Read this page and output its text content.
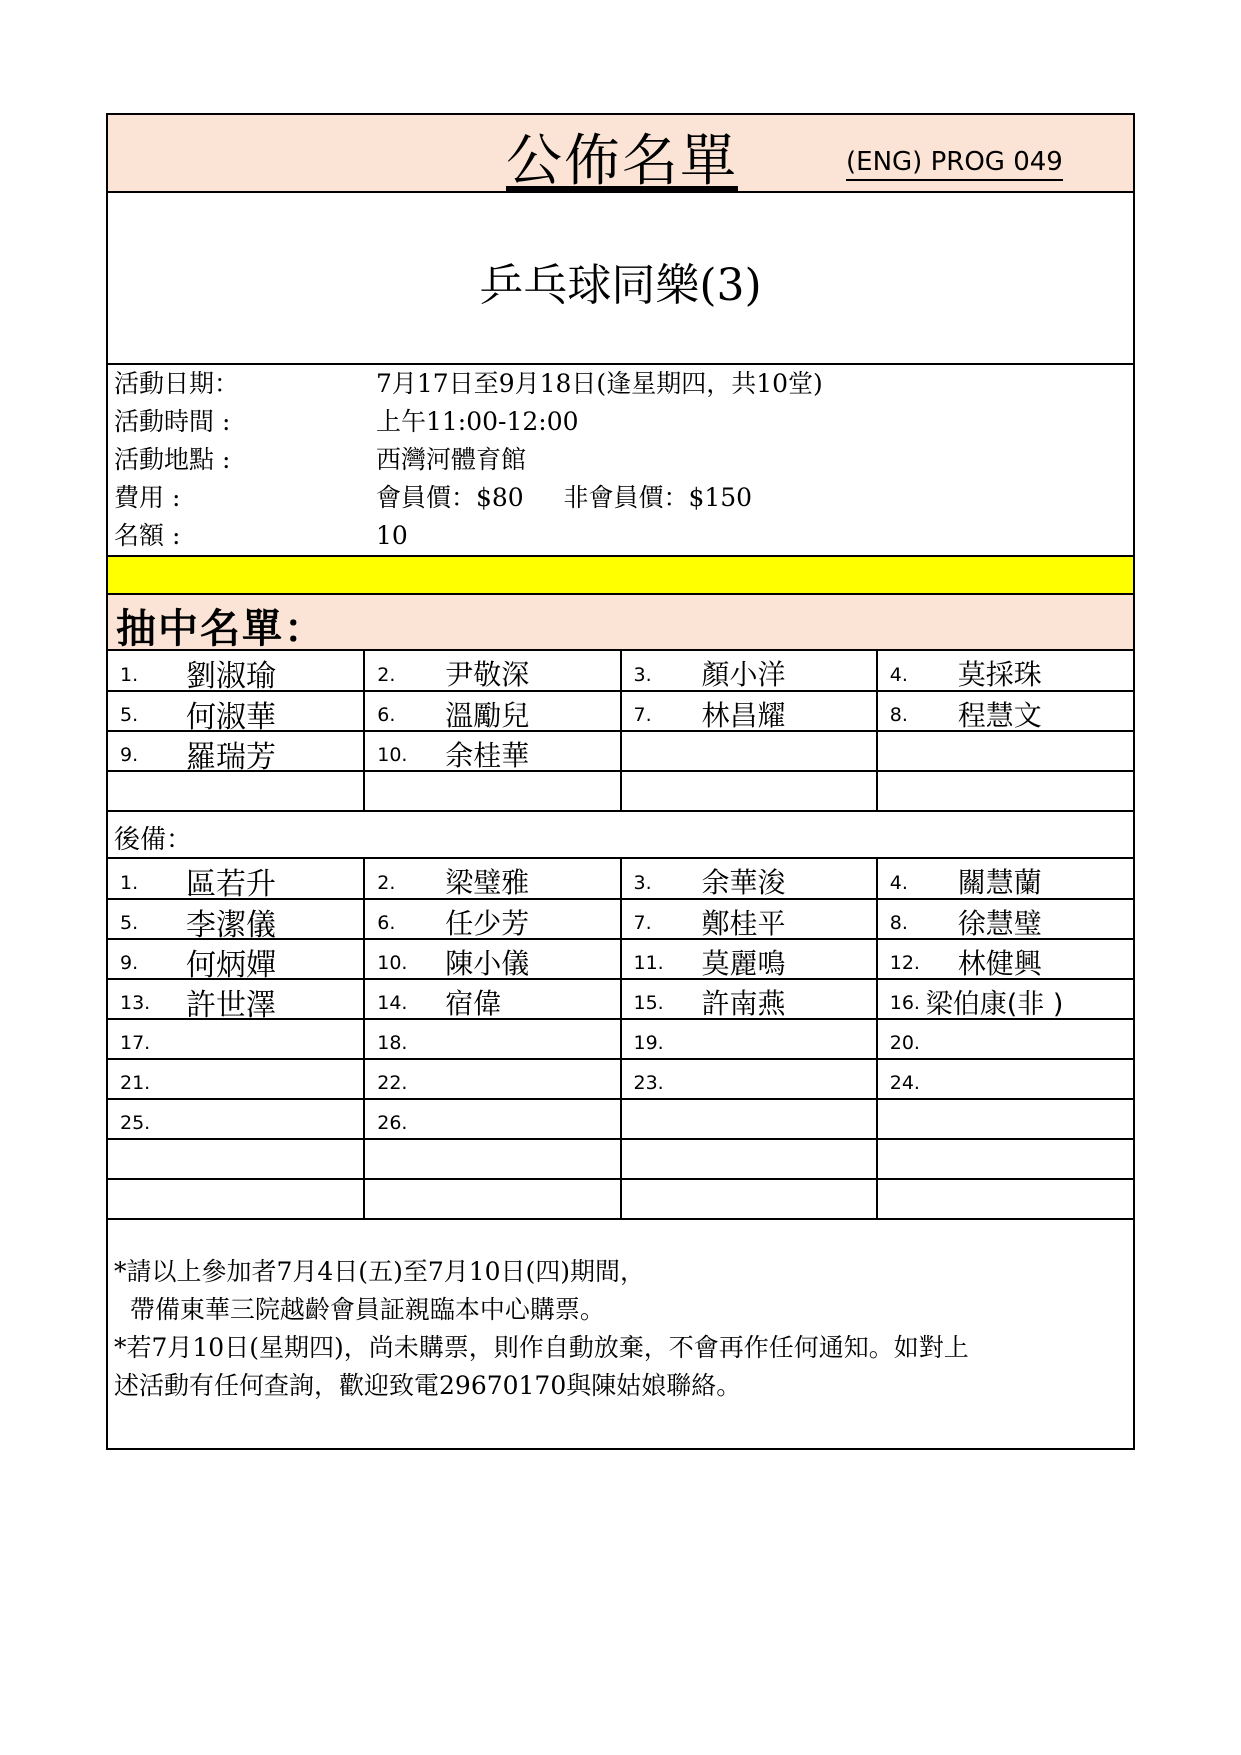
公佈名單	(ENG) PROG 049
乒乓球同樂(3)
活動日期：	7月17日至9月18日(逢星期四，共10堂)
活動時間 :	上午11:00-12:00
活動地點 :	西灣河體育館
費用 :	會員價：$80     非會員價：$150
名額 :	10
抽中名單：
1. 劉淑瑜	2. 尹敬深	3. 顏小洋	4. 莫採珠

5. 何淑華	6. 溫勵兒	7. 林昌耀	8. 程慧文

9. 羅瑞芳	10. 余桂華		

後備：
1. 區若升	2. 梁璧雅	3. 余華浚	4. 關慧蘭

5. 李潔儀	6. 任少芳	7. 鄭桂平	8. 徐慧璧

9. 何炳嬋	10. 陳小儀	11. 莫麗鳴	12. 林健興

13. 許世澤	14. 宿偉	15. 許南燕	16. 梁伯康(非 )

17.	18.	19.	20.

21.	22.	23.	24.

25.	26.		

*請以上參加者7月4日(五)至7月10日(四)期間，
帶備東華三院越齡會員証親臨本中心購票。
*若7月10日(星期四)，尚未購票，則作自動放棄，不會再作任何通知。如對上
述活動有任何查詢，歡迎致電29670170與陳姑娘聯絡。
